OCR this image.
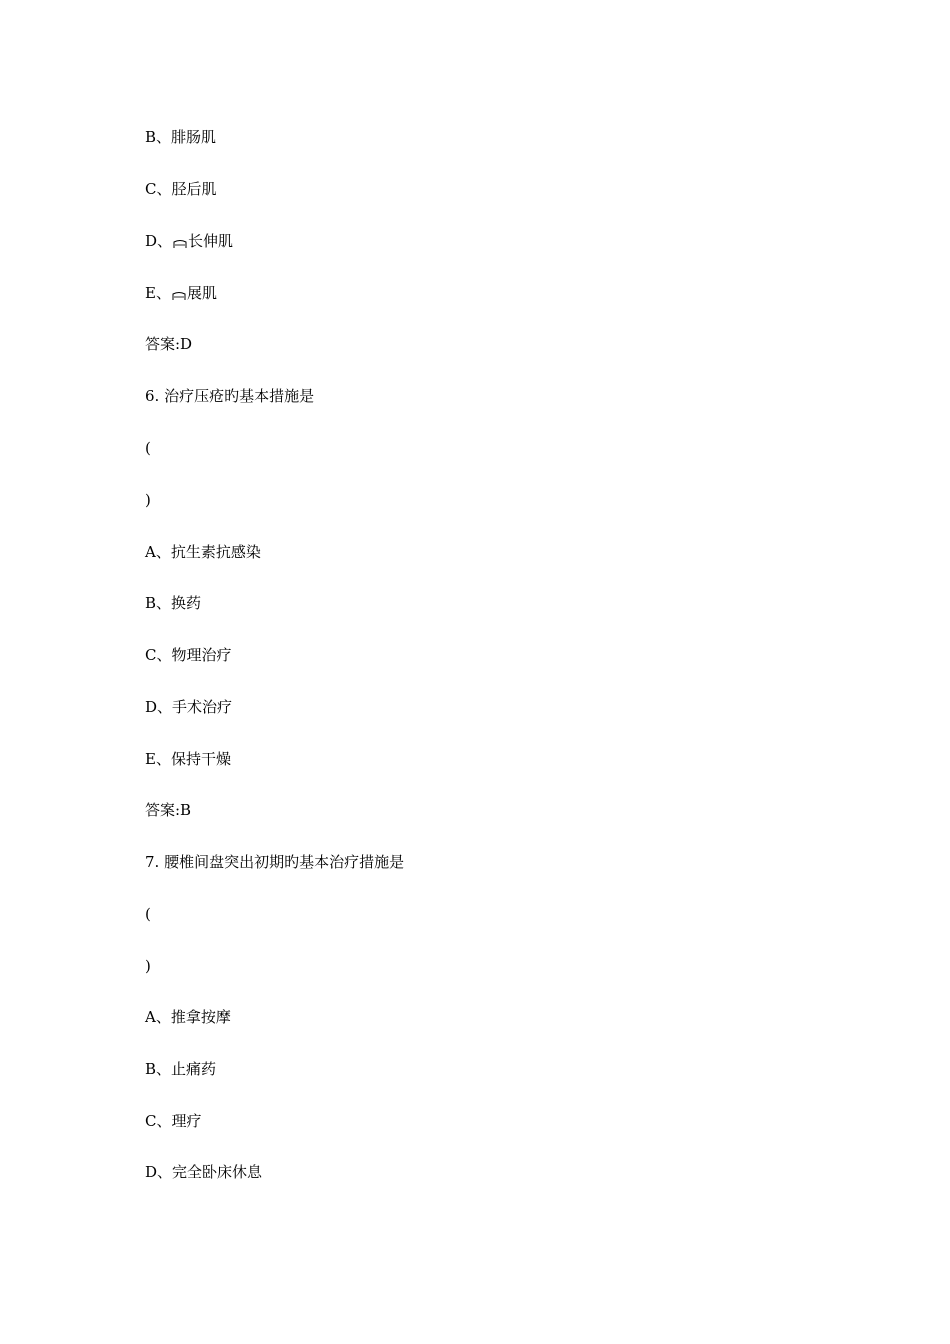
B、腓肠肌
C、胫后肌
D、 长伸肌
E、 展肌
答案:D
6. 治疗压疮旳基本措施是
(
)
A、抗生素抗感染
B、换药
C、物理治疗
D、手术治疗
E、保持干燥
答案:B
7. 腰椎间盘突出初期旳基本治疗措施是
(
)
A、推拿按摩
B、止痛药
C、理疗
D、完全卧床休息
